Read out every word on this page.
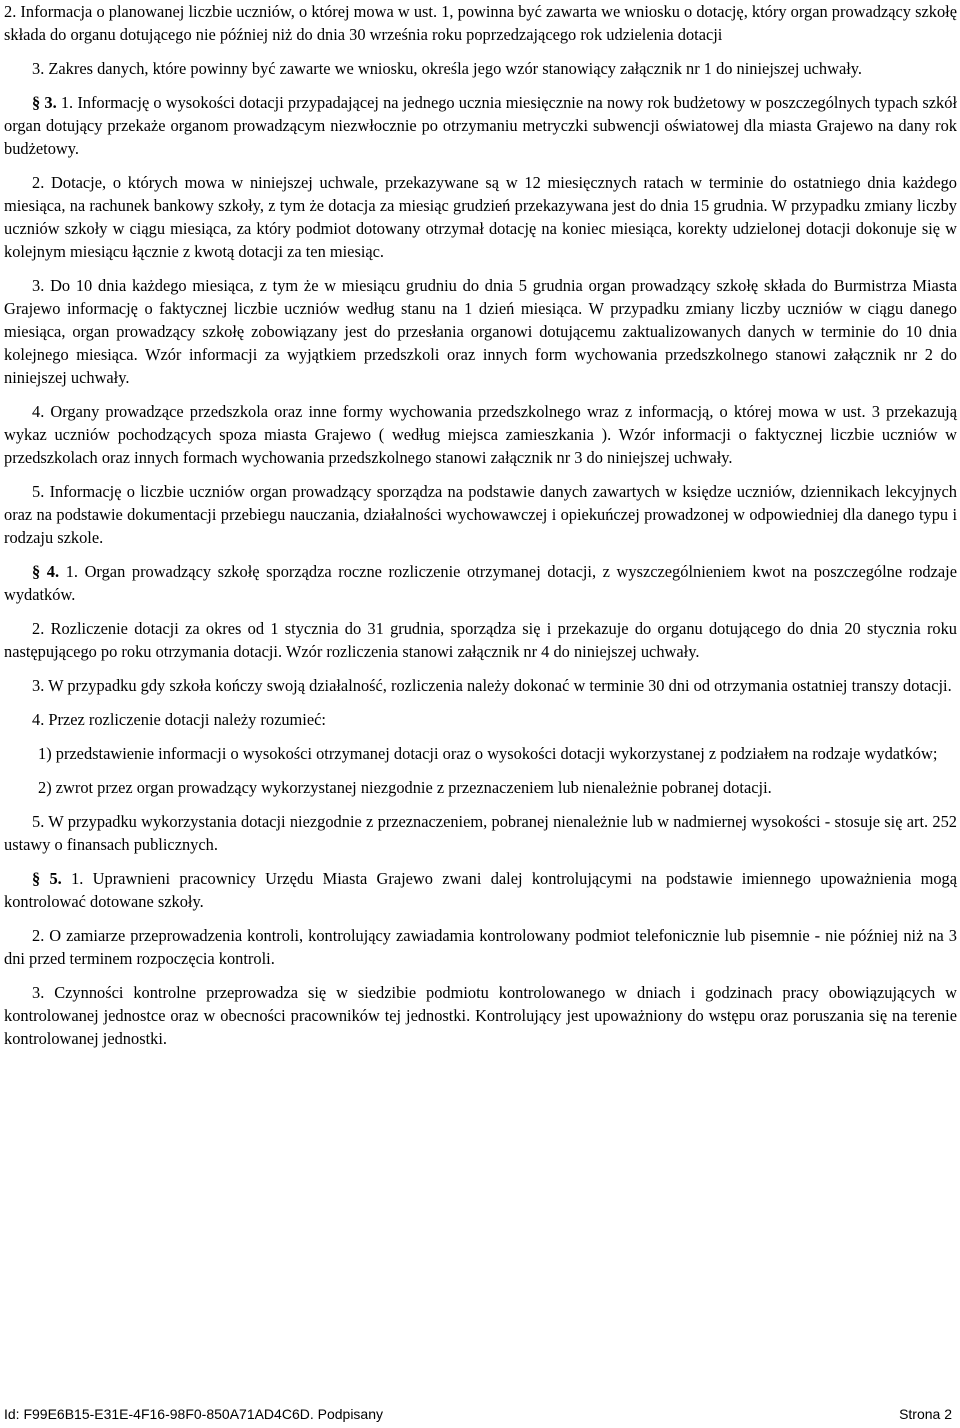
2. Informacja o planowanej liczbie uczniów, o której mowa w ust. 1, powinna być zawarta we wniosku o dotację, który organ prowadzący szkołę składa do organu dotującego nie później niż do dnia 30 września roku poprzedzającego rok udzielenia dotacji

3. Zakres danych, które powinny być zawarte we wniosku, określa jego wzór stanowiący załącznik nr 1 do niniejszej uchwały.

§ 3. 1. Informację o wysokości dotacji przypadającej na jednego ucznia miesięcznie na nowy rok budżetowy w poszczególnych typach szkół organ dotujący przekaże organom prowadzącym niezwłocznie po otrzymaniu metryczki subwencji oświatowej dla miasta Grajewo na dany rok budżetowy.

2. Dotacje, o których mowa w niniejszej uchwale, przekazywane są w 12 miesięcznych ratach w terminie do ostatniego dnia każdego miesiąca, na rachunek bankowy szkoły, z tym że dotacja za miesiąc grudzień przekazywana jest do dnia 15 grudnia. W przypadku zmiany liczby uczniów szkoły w ciągu miesiąca, za który podmiot dotowany otrzymał dotację na koniec miesiąca, korekty udzielonej dotacji dokonuje się w kolejnym miesiącu łącznie z kwotą dotacji za ten miesiąc.

3. Do 10 dnia każdego miesiąca, z tym że w miesiącu grudniu do dnia 5 grudnia organ prowadzący szkołę składa do Burmistrza Miasta Grajewo informację o faktycznej liczbie uczniów według stanu na 1 dzień miesiąca. W przypadku zmiany liczby uczniów w ciągu danego miesiąca, organ prowadzący szkołę zobowiązany jest do przesłania organowi dotującemu zaktualizowanych danych w terminie do 10 dnia kolejnego miesiąca. Wzór informacji za wyjątkiem przedszkoli oraz innych form wychowania przedszkolnego stanowi załącznik nr 2 do niniejszej uchwały.

4. Organy prowadzące przedszkola oraz inne formy wychowania przedszkolnego wraz z informacją, o której mowa w ust. 3 przekazują wykaz uczniów pochodzących spoza miasta Grajewo ( według miejsca zamieszkania ). Wzór informacji o faktycznej liczbie uczniów w przedszkolach oraz innych formach wychowania przedszkolnego stanowi załącznik nr 3 do niniejszej uchwały.

5. Informację o liczbie uczniów organ prowadzący sporządza na podstawie danych zawartych w księdze uczniów, dziennikach lekcyjnych oraz na podstawie dokumentacji przebiegu nauczania, działalności wychowawczej i opiekuńczej prowadzonej w odpowiedniej dla danego typu i rodzaju szkole.

§ 4. 1. Organ prowadzący szkołę sporządza roczne rozliczenie otrzymanej dotacji, z wyszczególnieniem kwot na poszczególne rodzaje wydatków.

2. Rozliczenie dotacji za okres od 1 stycznia do 31 grudnia, sporządza się i przekazuje do organu dotującego do dnia 20 stycznia roku następującego po roku otrzymania dotacji. Wzór rozliczenia stanowi załącznik nr 4 do niniejszej uchwały.

3. W przypadku gdy szkoła kończy swoją działalność, rozliczenia należy dokonać w terminie 30 dni od otrzymania ostatniej transzy dotacji.

4. Przez rozliczenie dotacji należy rozumieć:

1) przedstawienie informacji o wysokości otrzymanej dotacji oraz o wysokości dotacji wykorzystanej z podziałem na rodzaje wydatków;

2) zwrot przez organ prowadzący wykorzystanej niezgodnie z przeznaczeniem lub nienależnie pobranej dotacji.

5. W przypadku wykorzystania dotacji niezgodnie z przeznaczeniem, pobranej nienależnie lub w nadmiernej wysokości - stosuje się art. 252 ustawy o finansach publicznych.

§ 5. 1. Uprawnieni pracownicy Urzędu Miasta Grajewo zwani dalej kontrolującymi na podstawie imiennego upoważnienia mogą kontrolować dotowane szkoły.

2. O zamiarze przeprowadzenia kontroli, kontrolujący zawiadamia kontrolowany podmiot telefonicznie lub pisemnie - nie później niż na 3 dni przed terminem rozpoczęcia kontroli.

3. Czynności kontrolne przeprowadza się w siedzibie podmiotu kontrolowanego w dniach i godzinach pracy obowiązujących w kontrolowanej jednostce oraz w obecności pracowników tej jednostki. Kontrolujący jest upoważniony do wstępu oraz poruszania się na terenie kontrolowanej jednostki.

Id: F99E6B15-E31E-4F16-98F0-850A71AD4C6D. Podpisany	Strona 2
